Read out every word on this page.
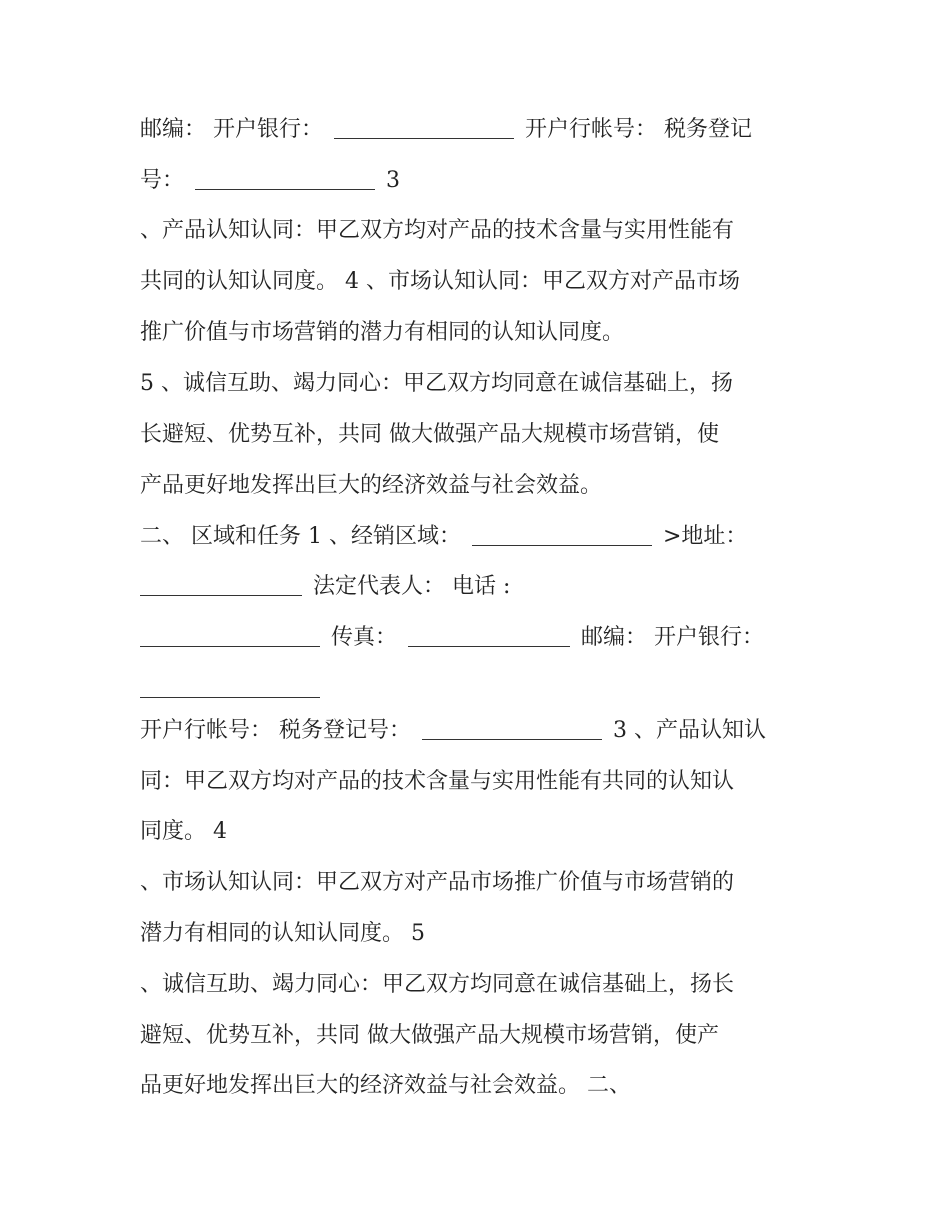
邮编： 开户银行：	开户行帐号： 税务登记
号：	3
、产品认知认同：甲乙双方均对产品的技术含量与实用性能有
共同的认知认同度。 4 、市场认知认同：甲乙双方对产品市场
推广价值与市场营销的潜力有相同的认知认同度。
5 、诚信互助、竭力同心：甲乙双方均同意在诚信基础上，扬
长避短、优势互补，共同 做大做强产品大规模市场营销，使
产品更好地发挥出巨大的经济效益与社会效益。
二、 区域和任务 1 、经销区域：	>地址：
法定代表人： 电话 :
传真：	邮编： 开户银行：
开户行帐号： 税务登记号：	3 、产品认知认
同：甲乙双方均对产品的技术含量与实用性能有共同的认知认
同度。 4
、市场认知认同：甲乙双方对产品市场推广价值与市场营销的
潜力有相同的认知认同度。 5
、诚信互助、竭力同心：甲乙双方均同意在诚信基础上，扬长
避短、优势互补，共同 做大做强产品大规模市场营销，使产
品更好地发挥出巨大的经济效益与社会效益。 二、
